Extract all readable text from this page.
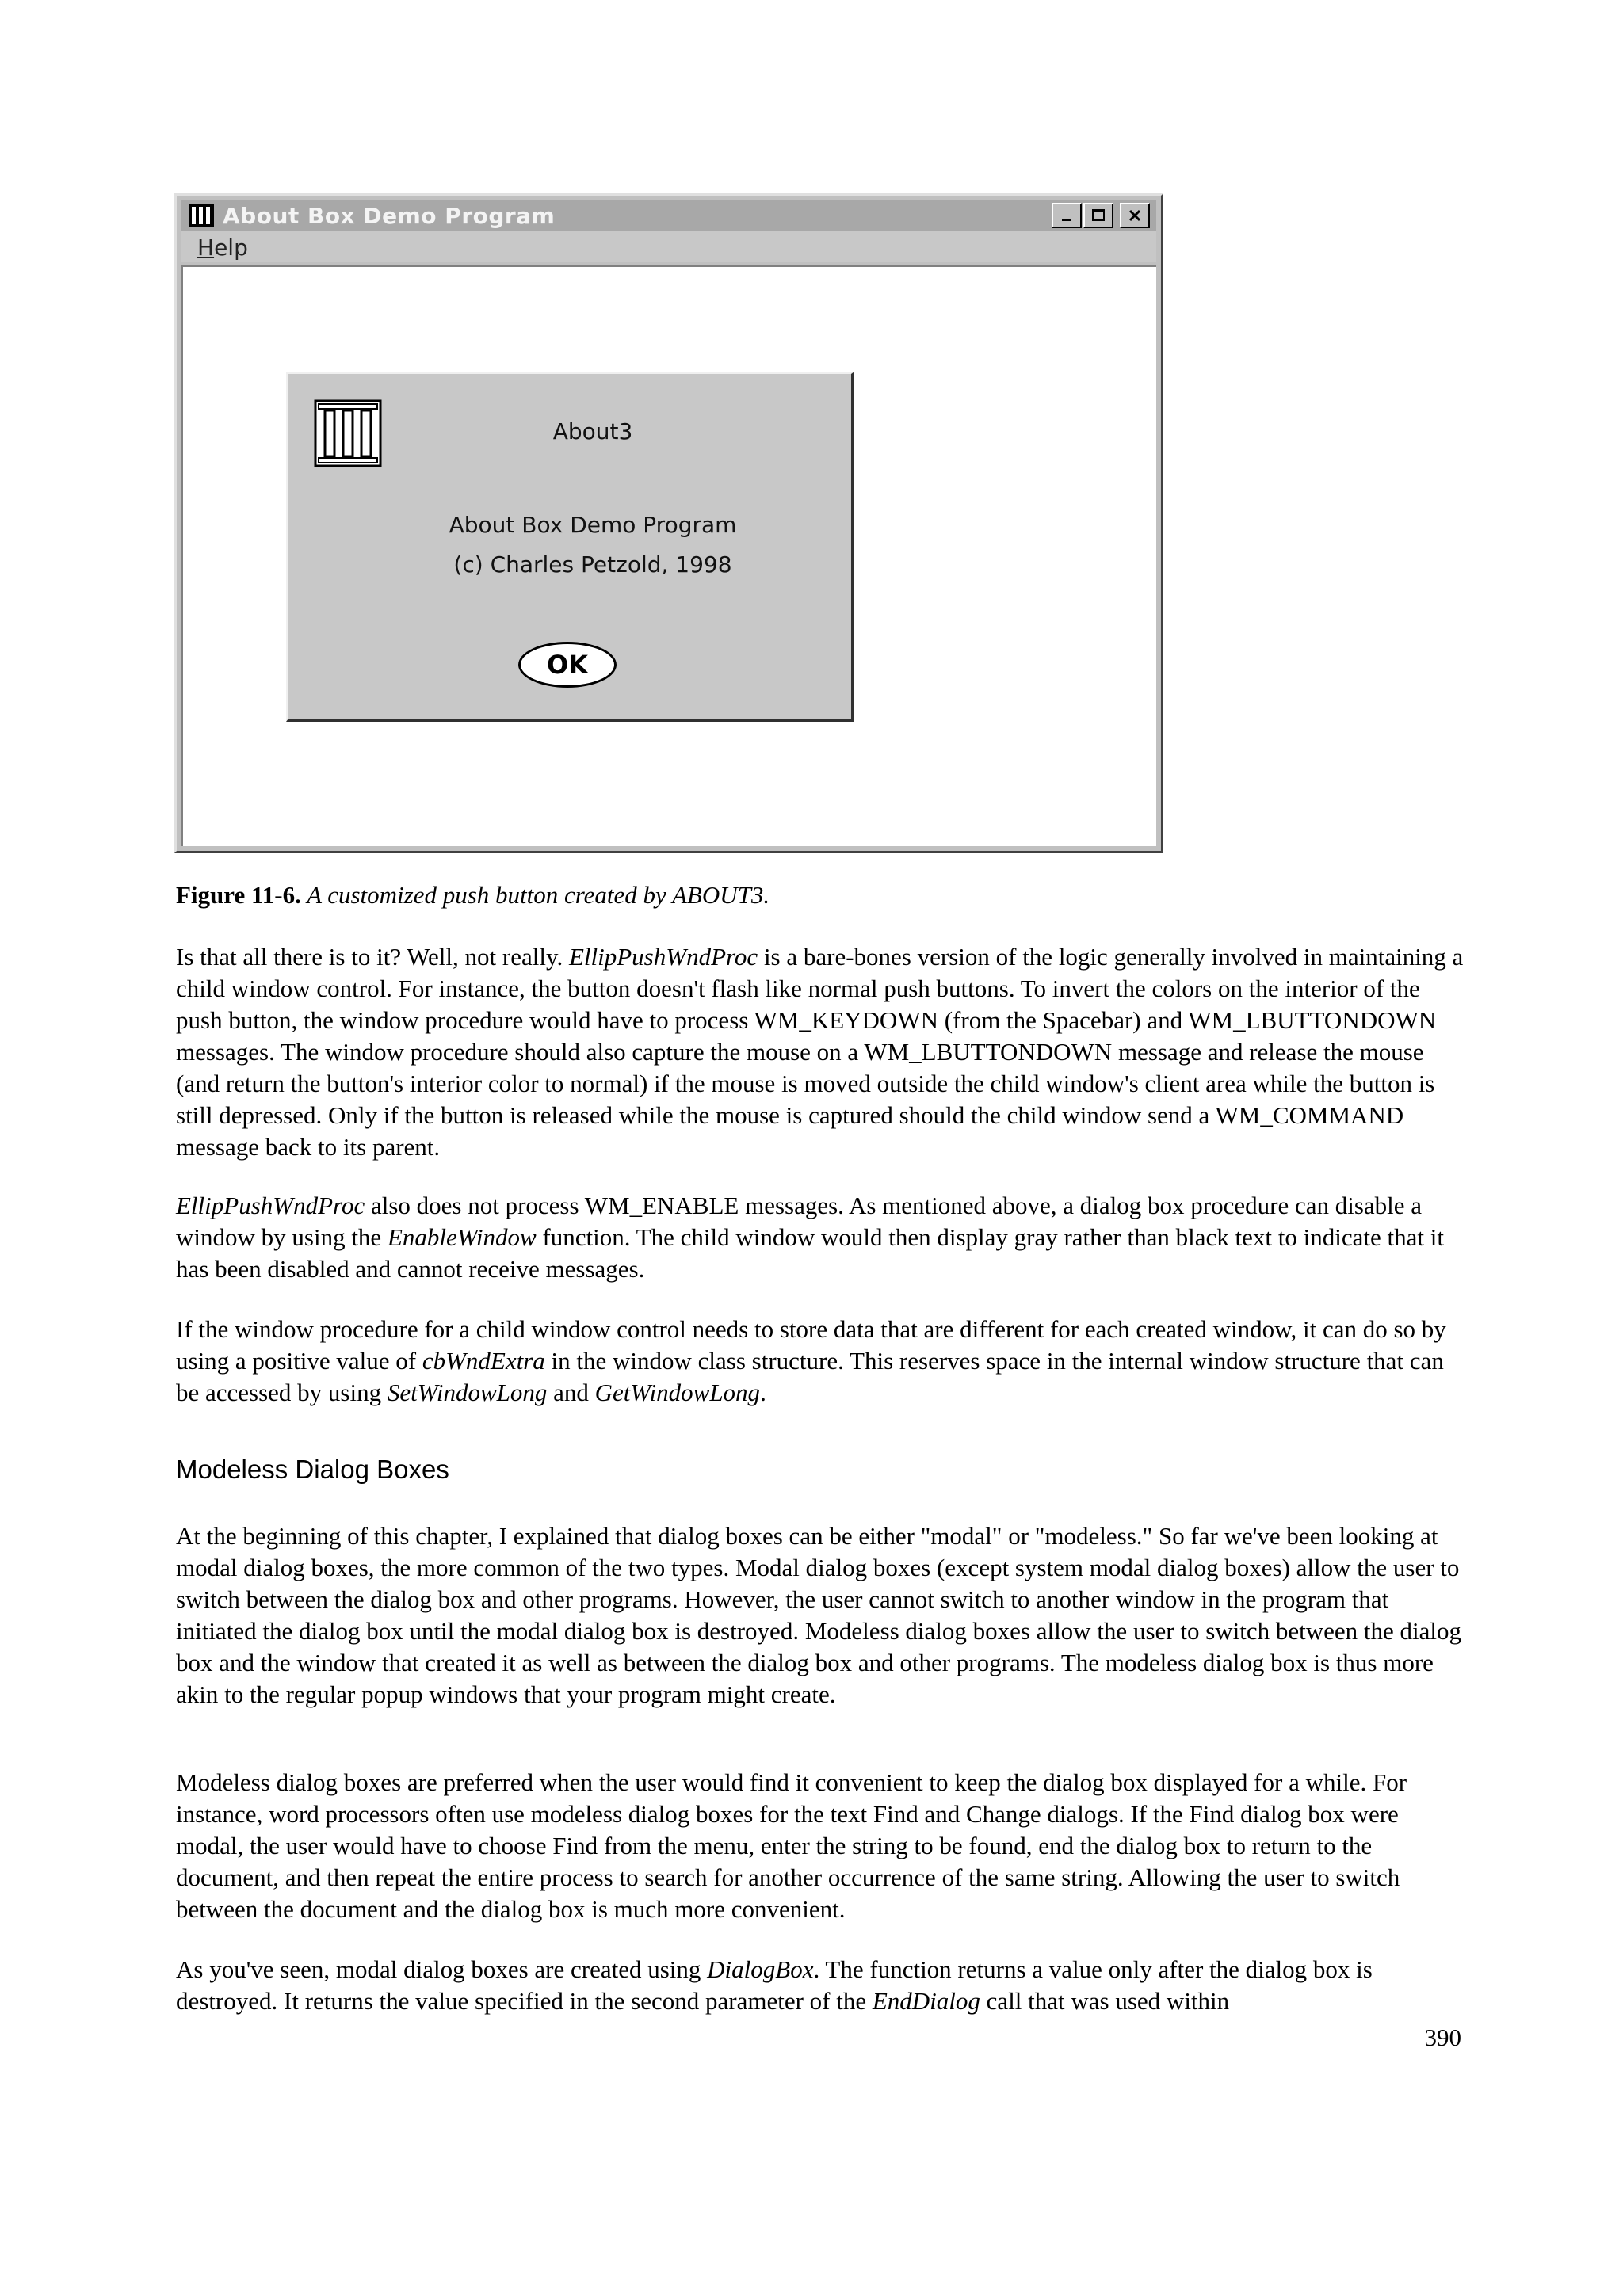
About Box Demo Program
Help
About3
About Box Demo Program
(c) Charles Petzold, 1998
OK
Figure 11-6. A customized push button created by ABOUT3.

Is that all there is to it? Well, not really. EllipPushWndProc is a bare-bones version of the logic generally involved in maintaining a child window control. For instance, the button doesn't flash like normal push buttons. To invert the colors on the interior of the push button, the window procedure would have to process WM_KEYDOWN (from the Spacebar) and WM_LBUTTONDOWN messages. The window procedure should also capture the mouse on a WM_LBUTTONDOWN message and release the mouse (and return the button's interior color to normal) if the mouse is moved outside the child window's client area while the button is still depressed. Only if the button is released while the mouse is captured should the child window send a WM_COMMAND message back to its parent.

EllipPushWndProc also does not process WM_ENABLE messages. As mentioned above, a dialog box procedure can disable a window by using the EnableWindow function. The child window would then display gray rather than black text to indicate that it has been disabled and cannot receive messages.

If the window procedure for a child window control needs to store data that are different for each created window, it can do so by using a positive value of cbWndExtra in the window class structure. This reserves space in the internal window structure that can be accessed by using SetWindowLong and GetWindowLong.

Modeless Dialog Boxes

At the beginning of this chapter, I explained that dialog boxes can be either "modal" or "modeless." So far we've been looking at modal dialog boxes, the more common of the two types. Modal dialog boxes (except system modal dialog boxes) allow the user to switch between the dialog box and other programs. However, the user cannot switch to another window in the program that initiated the dialog box until the modal dialog box is destroyed. Modeless dialog boxes allow the user to switch between the dialog box and the window that created it as well as between the dialog box and other programs. The modeless dialog box is thus more akin to the regular popup windows that your program might create.

Modeless dialog boxes are preferred when the user would find it convenient to keep the dialog box displayed for a while. For instance, word processors often use modeless dialog boxes for the text Find and Change dialogs. If the Find dialog box were modal, the user would have to choose Find from the menu, enter the string to be found, end the dialog box to return to the document, and then repeat the entire process to search for another occurrence of the same string. Allowing the user to switch between the document and the dialog box is much more convenient.

As you've seen, modal dialog boxes are created using DialogBox. The function returns a value only after the dialog box is destroyed. It returns the value specified in the second parameter of the EndDialog call that was used within

390
